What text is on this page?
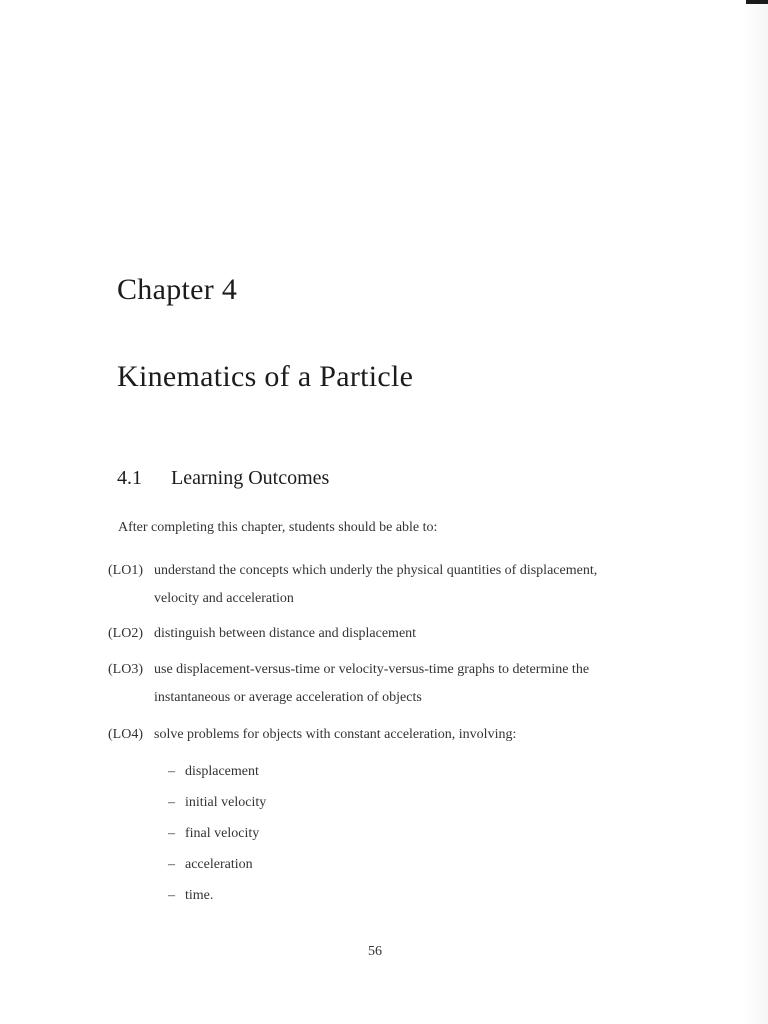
Chapter 4
Kinematics of a Particle
4.1	Learning Outcomes
After completing this chapter, students should be able to:
(LO1) understand the concepts which underly the physical quantities of displacement,
velocity and acceleration
(LO2) distinguish between distance and displacement
(LO3) use displacement-versus-time or velocity-versus-time graphs to determine the
instantaneous or average acceleration of objects
(LO4) solve problems for objects with constant acceleration, involving:
– displacement
– initial velocity
– final velocity
– acceleration
– time.
56
